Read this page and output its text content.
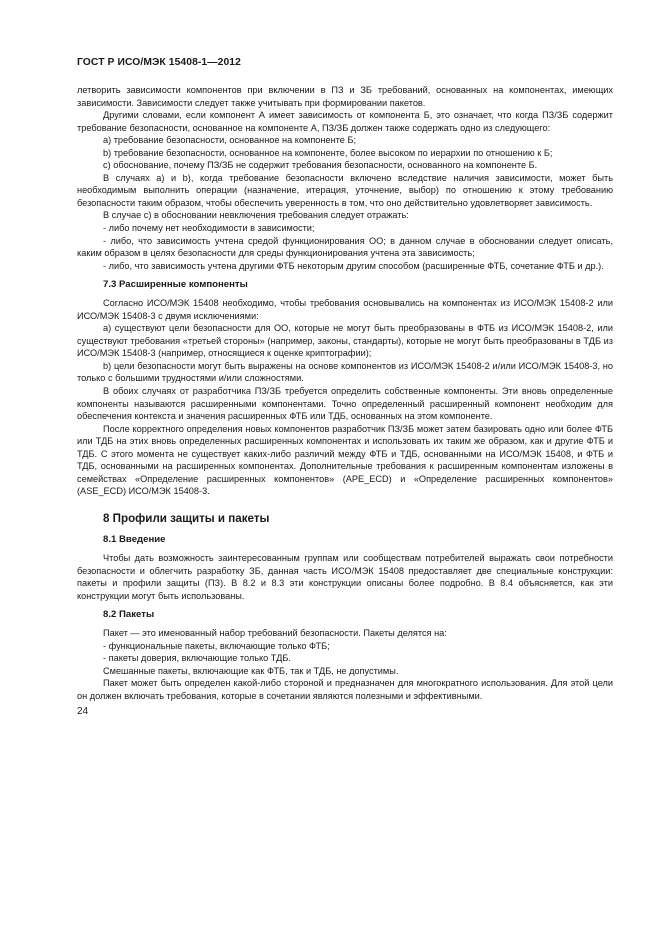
ГОСТ Р ИСО/МЭК 15408-1—2012

летворить зависимости компонентов при включении в ПЗ и ЗБ требований, основанных на компонентах, имеющих зависимости. Зависимости следует также учитывать при формировании пакетов.

Другими словами, если компонент А имеет зависимость от компонента Б, это означает, что когда ПЗ/ЗБ содержит требование безопасности, основанное на компоненте А, ПЗ/ЗБ должен также содержать одно из следующего:

a) требование безопасности, основанное на компоненте Б;

b) требование безопасности, основанное на компоненте, более высоком по иерархии по отношению к Б;

c) обоснование, почему ПЗ/ЗБ не содержит требования безопасности, основанного на компоненте Б.

В случаях a) и b), когда требование безопасности включено вследствие наличия зависимости, может быть необходимым выполнить операции (назначение, итерация, уточнение, выбор) по отношению к этому требованию безопасности таким образом, чтобы обеспечить уверенность в том, что оно действительно удовлетворяет зависимость.

В случае c) в обосновании невключения требования следует отражать:

- либо почему нет необходимости в зависимости;

- либо, что зависимость учтена средой функционирования ОО; в данном случае в обосновании следует описать, каким образом в целях безопасности для среды функционирования учтена эта зависимость;

- либо, что зависимость учтена другими ФТБ некоторым другим способом (расширенные ФТБ, сочетание ФТБ и др.).

7.3 Расширенные компоненты

Согласно ИСО/МЭК 15408 необходимо, чтобы требования основывались на компонентах из ИСО/МЭК 15408-2 или ИСО/МЭК 15408-3 с двумя исключениями:

a) существуют цели безопасности для ОО, которые не могут быть преобразованы в ФТБ из ИСО/МЭК 15408-2, или существуют требования «третьей стороны» (например, законы, стандарты), которые не могут быть преобразованы в ТДБ из ИСО/МЭК 15408-3 (например, относящиеся к оценке криптографии);

b) цели безопасности могут быть выражены на основе компонентов из ИСО/МЭК 15408-2 и/или ИСО/МЭК 15408-3, но только с большими трудностями и/или сложностями.

В обоих случаях от разработчика ПЗ/ЗБ требуется определить собственные компоненты. Эти вновь определенные компоненты называются расширенными компонентами. Точно определенный расширенный компонент необходим для обеспечения контекста и значения расширенных ФТБ или ТДБ, основанных на этом компоненте.

После корректного определения новых компонентов разработчик ПЗ/ЗБ может затем базировать одно или более ФТБ или ТДБ на этих вновь определенных расширенных компонентах и использовать их таким же образом, как и другие ФТБ и ТДБ. С этого момента не существует каких-либо различий между ФТБ и ТДБ, основанными на ИСО/МЭК 15408, и ФТБ и ТДБ, основанными на расширенных компонентах. Дополнительные требования к расширенным компонентам изложены в семействах «Определение расширенных компонентов» (APE_ECD) и «Определение расширенных компонентов» (ASE_ECD) ИСО/МЭК 15408-3.

8 Профили защиты и пакеты
8.1 Введение

Чтобы дать возможность заинтересованным группам или сообществам потребителей выражать свои потребности безопасности и облегчить разработку ЗБ, данная часть ИСО/МЭК 15408 предоставляет две специальные конструкции: пакеты и профили защиты (ПЗ). В 8.2 и 8.3 эти конструкции описаны более подробно. В 8.4 объясняется, как эти конструкции могут быть использованы.

8.2 Пакеты

Пакет — это именованный набор требований безопасности. Пакеты делятся на:

- функциональные пакеты, включающие только ФТБ;

- пакеты доверия, включающие только ТДБ.

Смешанные пакеты, включающие как ФТБ, так и ТДБ, не допустимы.

Пакет может быть определен какой-либо стороной и предназначен для многократного использования. Для этой цели он должен включать требования, которые в сочетании являются полезными и эффективными.

24
